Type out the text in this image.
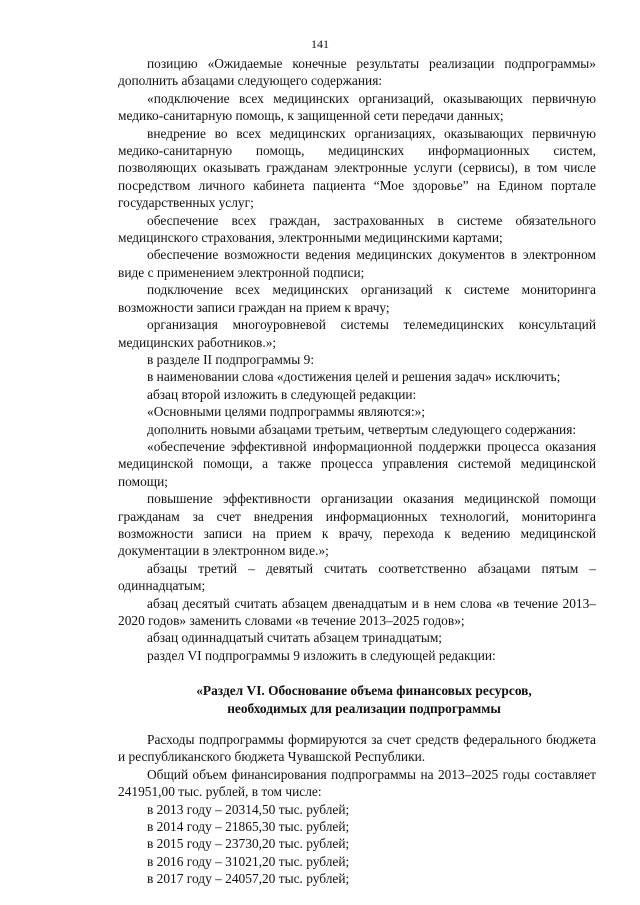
141

позицию «Ожидаемые конечные результаты реализации подпрограммы» дополнить абзацами следующего содержания:

«подключение всех медицинских организаций, оказывающих первичную медико-санитарную помощь, к защищенной сети передачи данных;

внедрение во всех медицинских организациях, оказывающих первичную медико-санитарную помощь, медицинских информационных систем, позволяющих оказывать гражданам электронные услуги (сервисы), в том числе посредством личного кабинета пациента “Мое здоровье” на Едином портале государственных услуг;

обеспечение всех граждан, застрахованных в системе обязательного медицинского страхования, электронными медицинскими картами;

обеспечение возможности ведения медицинских документов в электронном виде с применением электронной подписи;

подключение всех медицинских организаций к системе мониторинга возможности записи граждан на прием к врачу;

организация многоуровневой системы телемедицинских консультаций медицинских работников.»;

в разделе II подпрограммы 9:

в наименовании слова «достижения целей и решения задач» исключить;

абзац второй изложить в следующей редакции:

«Основными целями подпрограммы являются:»;

дополнить новыми абзацами третьим, четвертым следующего содержания:

«обеспечение эффективной информационной поддержки процесса оказания медицинской помощи, а также процесса управления системой медицинской помощи;

повышение эффективности организации оказания медицинской помощи гражданам за счет внедрения информационных технологий, мониторинга возможности записи на прием к врачу, перехода к ведению медицинской документации в электронном виде.»;

абзацы третий – девятый считать соответственно абзацами пятым – одиннадцатым;

абзац десятый считать абзацем двенадцатым и в нем слова «в течение 2013–2020 годов» заменить словами «в течение 2013–2025 годов»;

абзац одиннадцатый считать абзацем тринадцатым;

раздел VI подпрограммы 9 изложить в следующей редакции:

«Раздел VI. Обоснование объема финансовых ресурсов,

необходимых для реализации подпрограммы

Расходы подпрограммы формируются за счет средств федерального бюджета и республиканского бюджета Чувашской Республики.

Общий объем финансирования подпрограммы на 2013–2025 годы составляет 241951,00 тыс. рублей, в том числе:

в 2013 году – 20314,50 тыс. рублей;

в 2014 году – 21865,30 тыс. рублей;

в 2015 году – 23730,20 тыс. рублей;

в 2016 году – 31021,20 тыс. рублей;

в 2017 году – 24057,20 тыс. рублей;
